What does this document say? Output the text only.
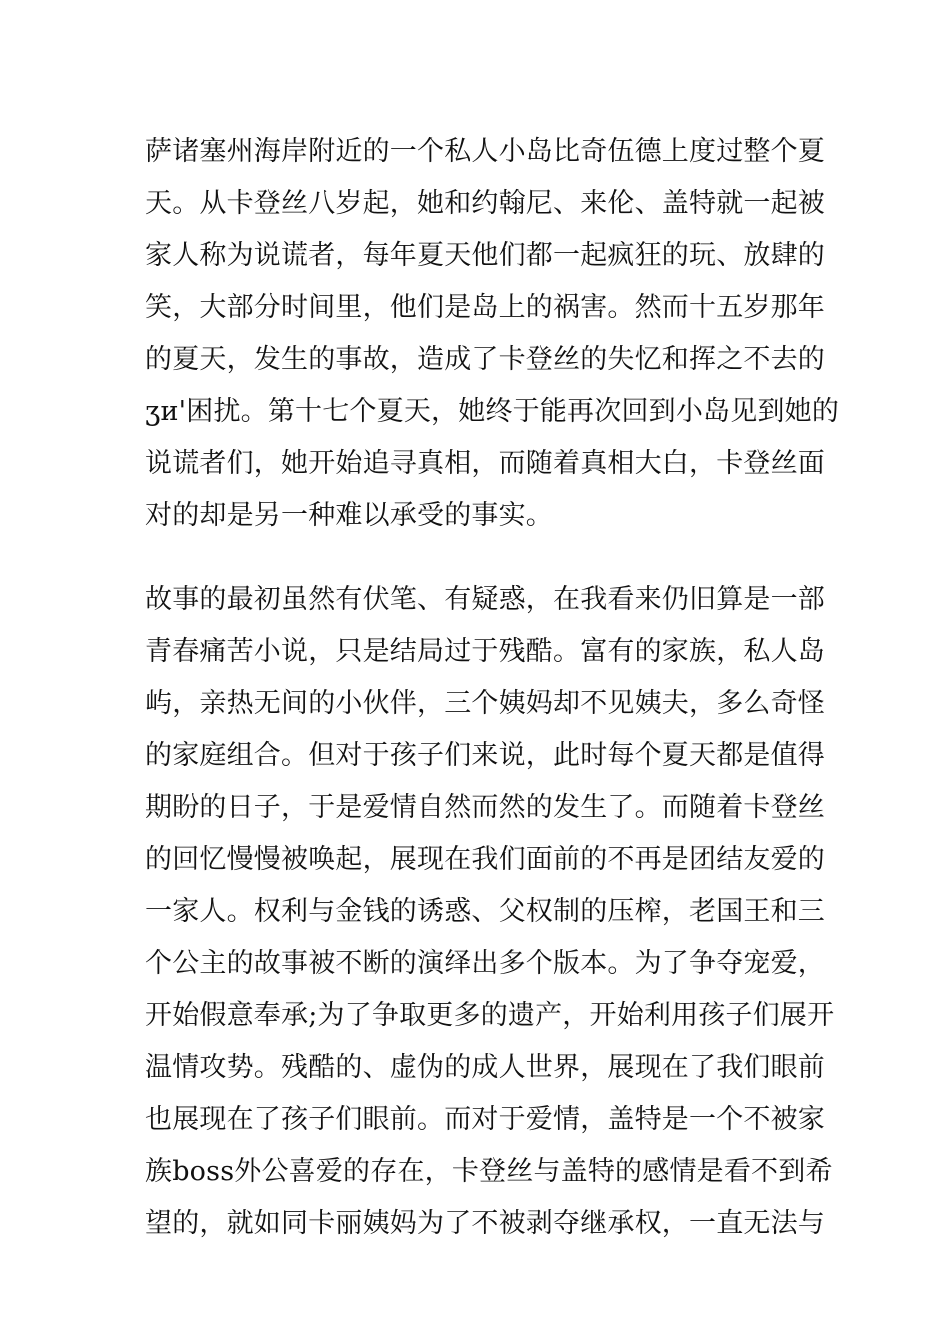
萨诸塞州海岸附近的一个私人小岛比奇伍德上度过整个夏
天。从卡登丝八岁起，她和约翰尼、来伦、盖特就一起被
家人称为说谎者，每年夏天他们都一起疯狂的玩、放肆的
笑，大部分时间里，他们是岛上的祸害。然而十五岁那年
的夏天，发生的事故，造成了卡登丝的失忆和挥之不去的
ʒи'困扰。第十七个夏天，她终于能再次回到小岛见到她的
说谎者们，她开始追寻真相，而随着真相大白，卡登丝面
对的却是另一种难以承受的事实。
故事的最初虽然有伏笔、有疑惑，在我看来仍旧算是一部
青春痛苦小说，只是结局过于残酷。富有的家族，私人岛
屿，亲热无间的小伙伴，三个姨妈却不见姨夫，多么奇怪
的家庭组合。但对于孩子们来说，此时每个夏天都是值得
期盼的日子，于是爱情自然而然的发生了。而随着卡登丝
的回忆慢慢被唤起，展现在我们面前的不再是团结友爱的
一家人。权利与金钱的诱惑、父权制的压榨，老国王和三
个公主的故事被不断的演绎出多个版本。为了争夺宠爱，
开始假意奉承;为了争取更多的遗产，开始利用孩子们展开
温情攻势。残酷的、虚伪的成人世界，展现在了我们眼前
也展现在了孩子们眼前。而对于爱情，盖特是一个不被家
族boss外公喜爱的存在，卡登丝与盖特的感情是看不到希
望的，就如同卡丽姨妈为了不被剥夺继承权，一直无法与
